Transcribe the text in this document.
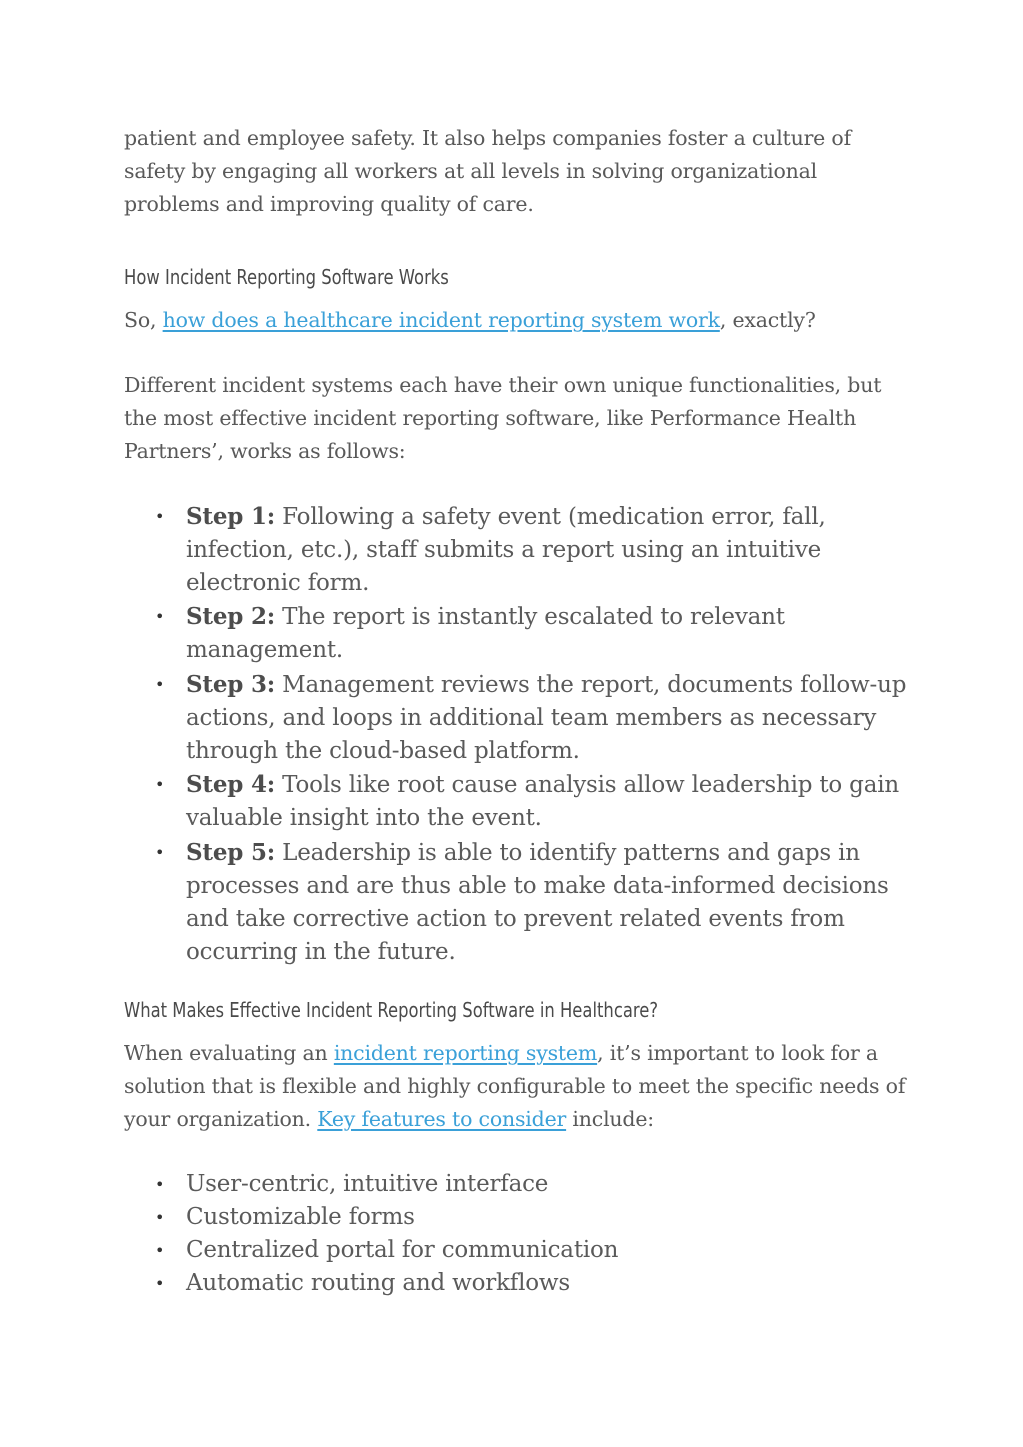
patient and employee safety. It also helps companies foster a culture of safety by engaging all workers at all levels in solving organizational problems and improving quality of care.

How Incident Reporting Software Works

So, how does a healthcare incident reporting system work, exactly?

Different incident systems each have their own unique functionalities, but the most effective incident reporting software, like Performance Health Partners’, works as follows:

• Step 1: Following a safety event (medication error, fall, infection, etc.), staff submits a report using an intuitive electronic form.
• Step 2: The report is instantly escalated to relevant management.
• Step 3: Management reviews the report, documents follow-up actions, and loops in additional team members as necessary through the cloud-based platform.
• Step 4: Tools like root cause analysis allow leadership to gain valuable insight into the event.
• Step 5: Leadership is able to identify patterns and gaps in processes and are thus able to make data-informed decisions and take corrective action to prevent related events from occurring in the future.
What Makes Effective Incident Reporting Software in Healthcare?

When evaluating an incident reporting system, it’s important to look for a solution that is flexible and highly configurable to meet the specific needs of your organization. Key features to consider include:

• User-centric, intuitive interface
• Customizable forms
• Centralized portal for communication
• Automatic routing and workflows
